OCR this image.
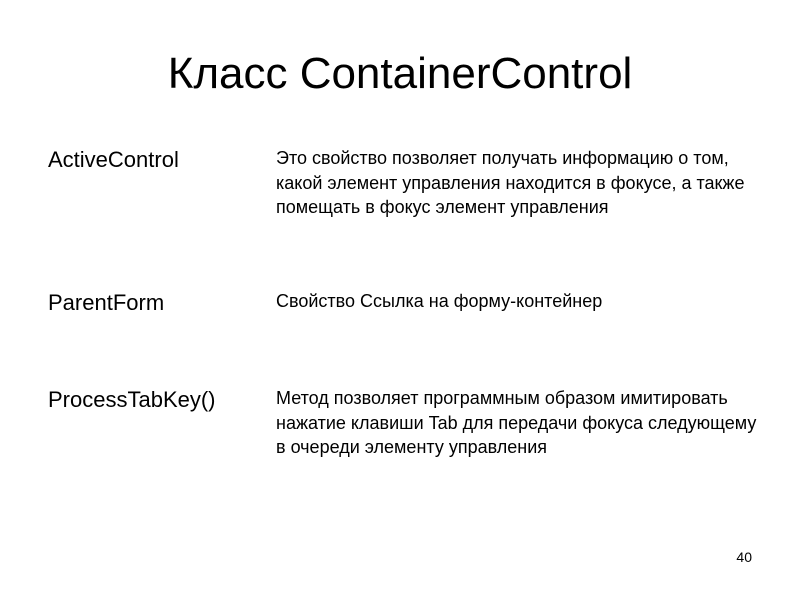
Класс ContainerControl
ActiveControl	Это свойство позволяет получать информацию о том, какой элемент управления находится в фокусе, а также помещать в фокус элемент управления
ParentForm	Свойство Ссылка на форму-контейнер
ProcessTabKey()	Метод позволяет программным образом имитировать нажатие клавиши Tab для передачи фокуса следующему в очереди элементу управления
40
